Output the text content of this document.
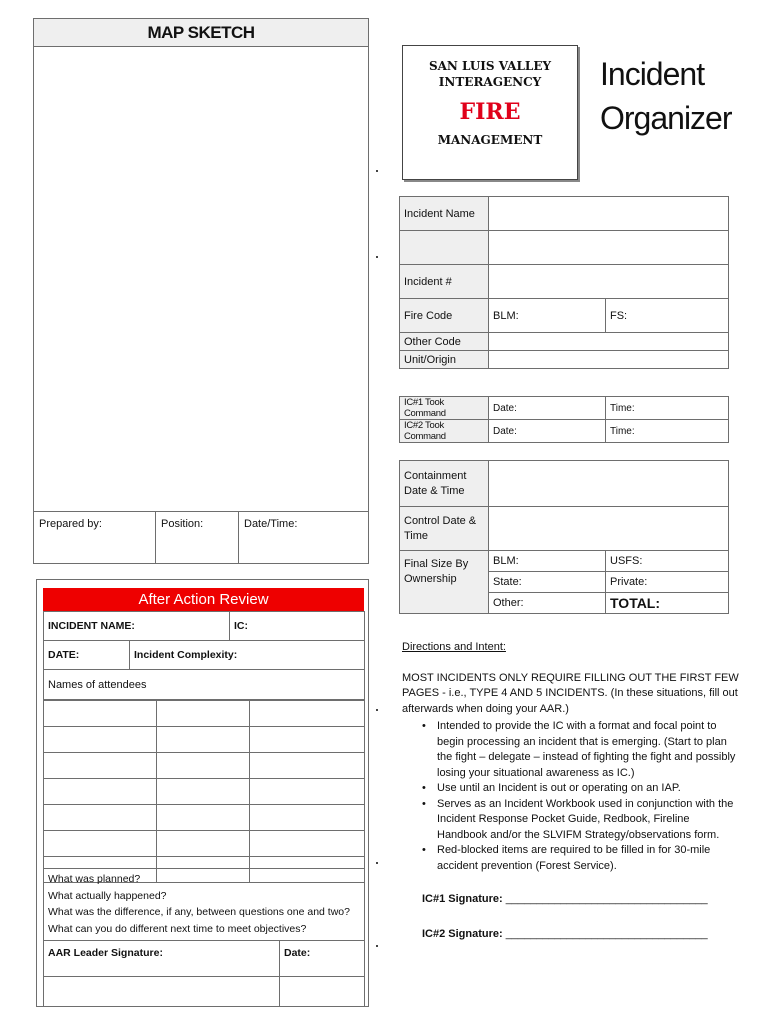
MAP SKETCH
Prepared by:	Position:	Date/Time:
SAN LUIS VALLEY
INTERAGENCY
FIRE
MANAGEMENT
Incident
Organizer
Incident Name		

Incident #		
Fire Code	BLM:	FS:
Other Code		
Unit/Origin		
IC#1 Took Command	Date:	Time:
IC#2 Took Command	Date:	Time:
Containment Date & Time		
Control Date & Time		
Final Size By Ownership	BLM:	USFS:
	State:	Private:
	Other:	TOTAL:
After Action Review
INCIDENT NAME:		IC:
DATE:	Incident Complexity:	
Names of attendees		

What was planned?
What actually happened?
What was the difference, if any, between questions one and two?
What can you do different next time to meet objectives?	

AAR Leader Signature:	Date:

Directions and Intent:
MOST INCIDENTS ONLY REQUIRE FILLING OUT THE FIRST FEW PAGES - i.e., TYPE 4 AND 5 INCIDENTS. (In these situations, fill out afterwards when doing your AAR.)
• Intended to provide the IC with a format and focal point to begin processing an incident that is emerging. (Start to plan the fight – delegate – instead of fighting the fight and possibly losing your situational awareness as IC.)
• Use until an Incident is out or operating on an IAP.
• Serves as an Incident Workbook used in conjunction with the Incident Response Pocket Guide, Redbook, Fireline Handbook and/or the SLVIFM Strategy/observations form.
• Red-blocked items are required to be filled in for 30-mile accident prevention (Forest Service).
IC#1 Signature: _________________________________
IC#2 Signature: _________________________________
